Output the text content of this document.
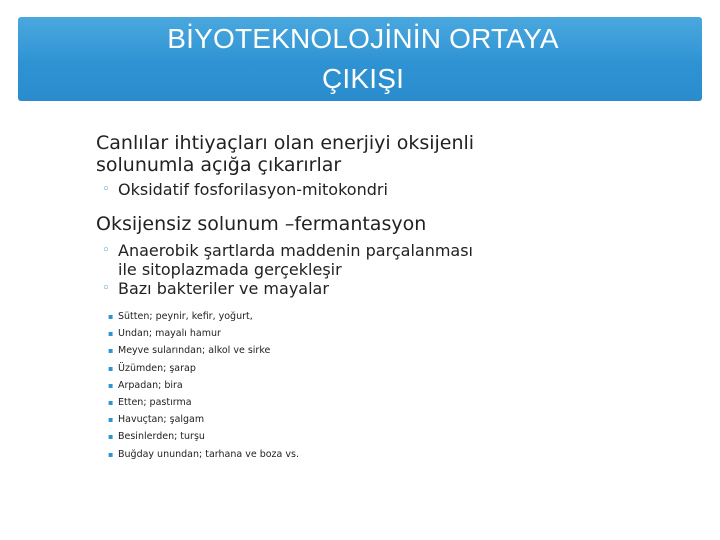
BİYOTEKNOLOJİNİN ORTAYA
ÇIKIŞI

Canlılar ihtiyaçları olan enerjiyi oksijenli
solunumla açığa çıkarırlar

◦ Oksidatif fosforilasyon-mitokondri

Oksijensiz solunum –fermantasyon

◦ Anaerobik şartlarda maddenin parçalanması
ile sitoplazmada gerçekleşir

◦ Bazı bakteriler ve mayalar

▪ Sütten; peynir, kefir, yoğurt,

▪ Undan; mayalı hamur

▪ Meyve sularından; alkol ve sirke

▪ Üzümden; şarap

▪ Arpadan; bira

▪ Etten; pastırma

▪ Havuçtan; şalgam

▪ Besinlerden; turşu

▪ Buğday unundan; tarhana ve boza vs.
